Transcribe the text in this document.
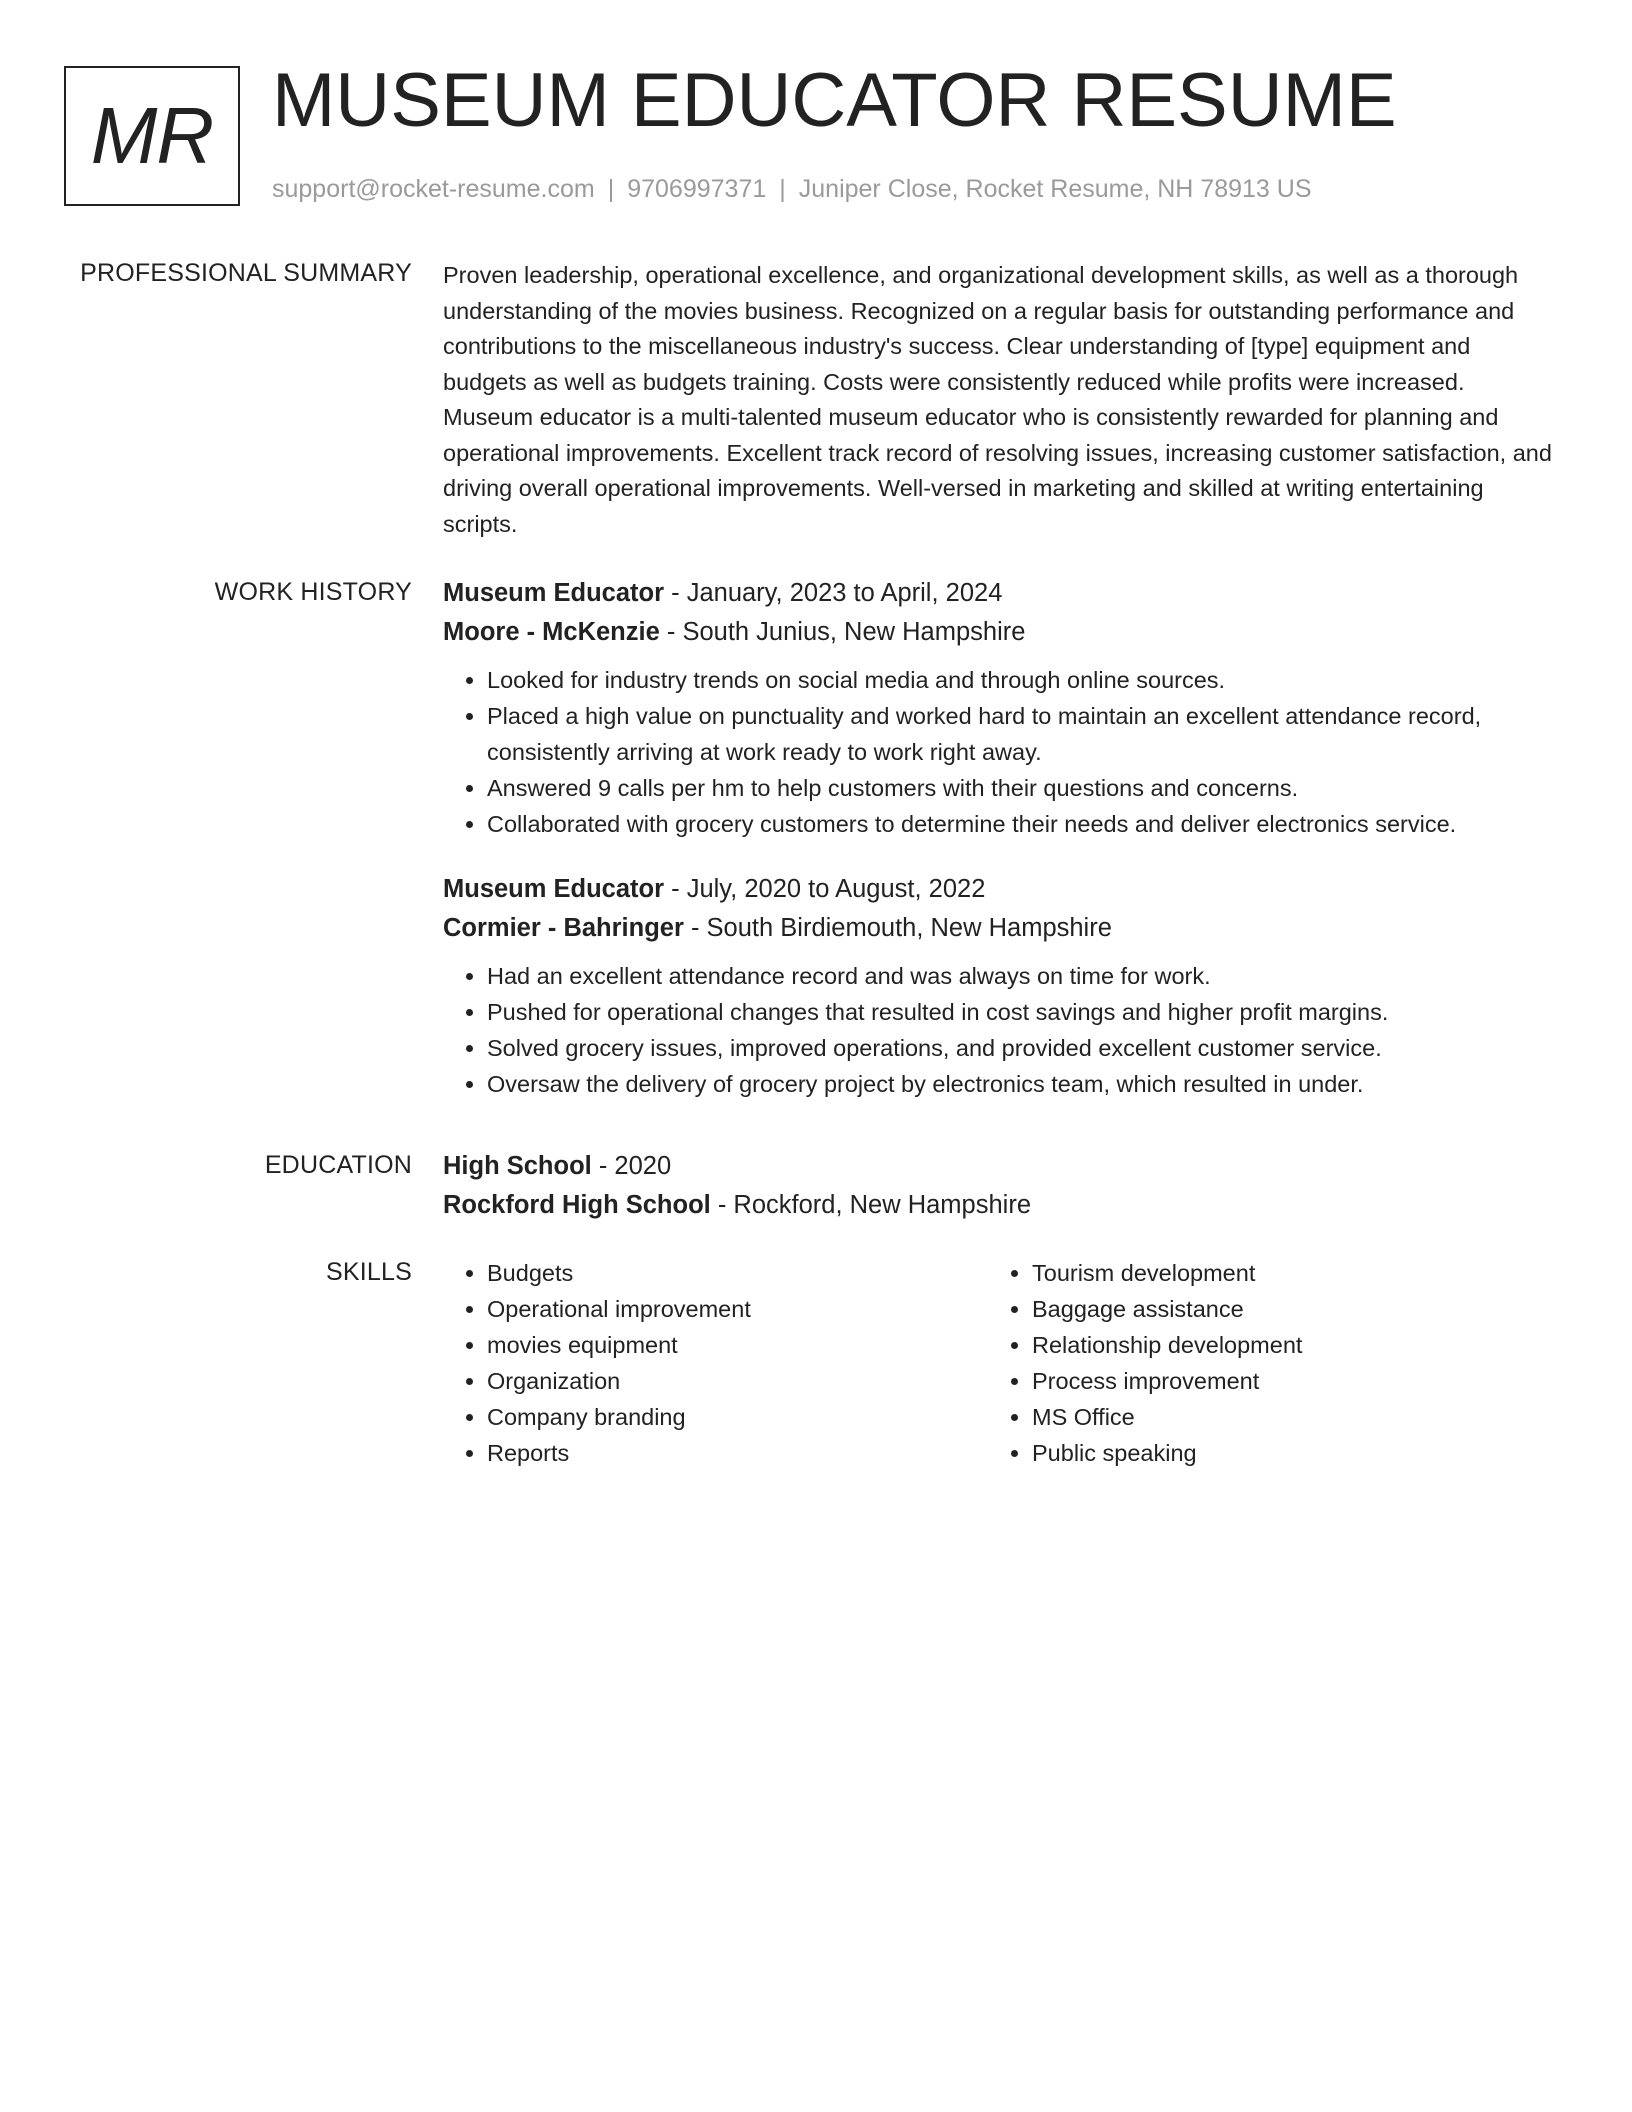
MR MUSEUM EDUCATOR RESUME
support@rocket-resume.com | 9706997371 | Juniper Close, Rocket Resume, NH 78913 US
PROFESSIONAL SUMMARY Proven leadership, operational excellence, and organizational development skills, as well as a thorough understanding of the movies business. Recognized on a regular basis for outstanding performance and contributions to the miscellaneous industry's success. Clear understanding of [type] equipment and budgets as well as budgets training. Costs were consistently reduced while profits were increased. Museum educator is a multi-talented museum educator who is consistently rewarded for planning and operational improvements. Excellent track record of resolving issues, increasing customer satisfaction, and driving overall operational improvements. Well-versed in marketing and skilled at writing entertaining scripts.

WORK HISTORY Museum Educator - January, 2023 to April, 2024
Moore - McKenzie - South Junius, New Hampshire
• Looked for industry trends on social media and through online sources.
• Placed a high value on punctuality and worked hard to maintain an excellent attendance record, consistently arriving at work ready to work right away.
• Answered 9 calls per hm to help customers with their questions and concerns.
• Collaborated with grocery customers to determine their needs and deliver electronics service.
Museum Educator - July, 2020 to August, 2022
Cormier - Bahringer - South Birdiemouth, New Hampshire
• Had an excellent attendance record and was always on time for work.
• Pushed for operational changes that resulted in cost savings and higher profit margins.
• Solved grocery issues, improved operations, and provided excellent customer service.
• Oversaw the delivery of grocery project by electronics team, which resulted in under.
EDUCATION High School - 2020
Rockford High School - Rockford, New Hampshire
SKILLS
•	Budgets
• Operational improvement
• movies equipment
• Organization
• Company branding
• Reports
• Tourism development
• Baggage assistance
• Relationship development
• Process improvement
• MS Office
• Public speaking
